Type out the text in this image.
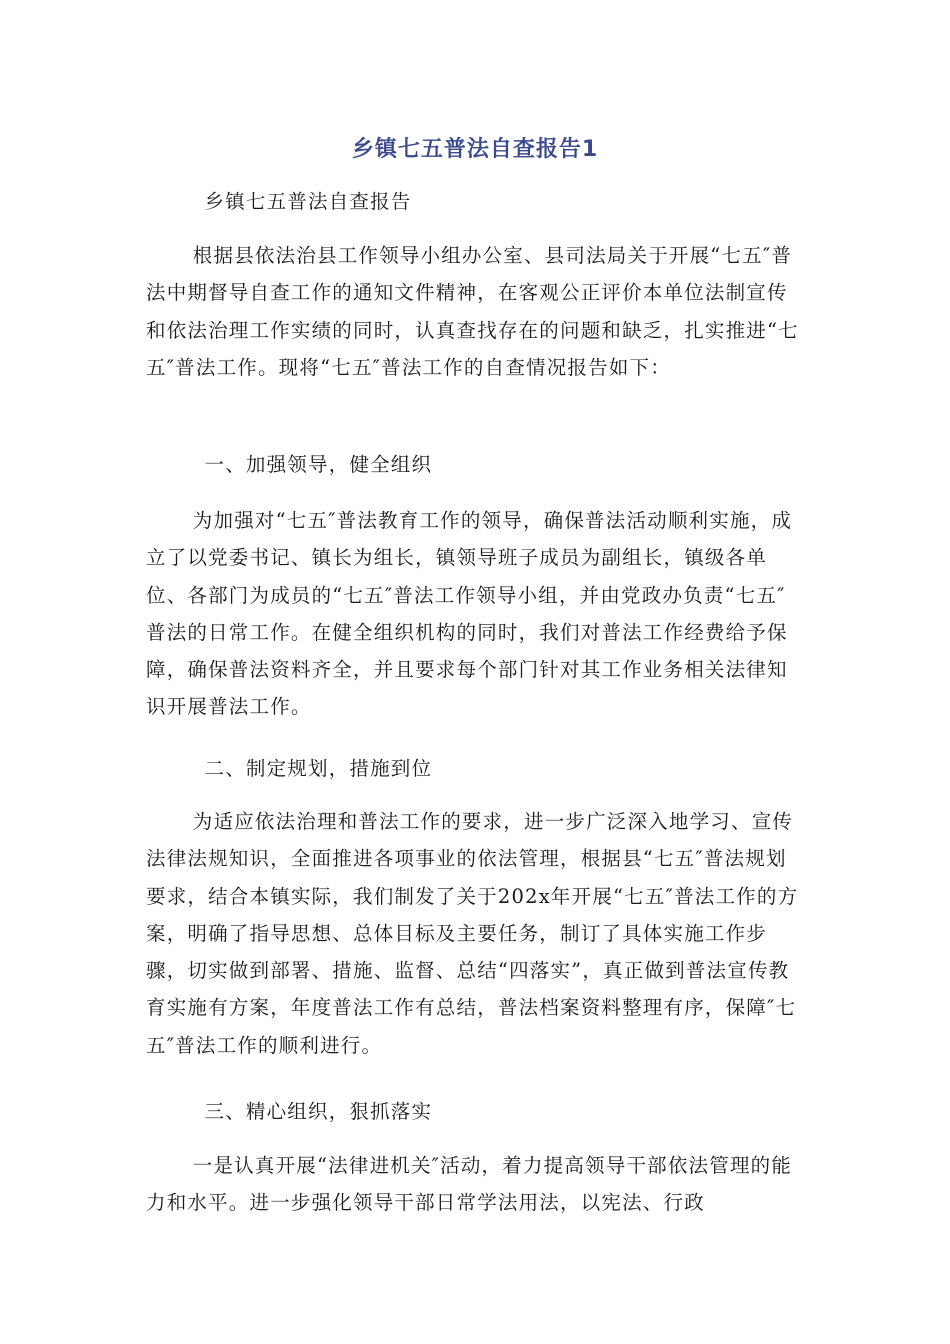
乡镇七五普法自查报告1

乡镇七五普法自查报告

根据县依法治县工作领导小组办公室、县司法局关于开展“七五″普法中期督导自查工作的通知文件精神，在客观公正评价本单位法制宣传和依法治理工作实绩的同时，认真查找存在的问题和缺乏，扎实推进“七五″普法工作。现将“七五″普法工作的自查情况报告如下：

一、加强领导，健全组织

为加强对“七五″普法教育工作的领导，确保普法活动顺利实施，成立了以党委书记、镇长为组长，镇领导班子成员为副组长，镇级各单位、各部门为成员的“七五″普法工作领导小组，并由党政办负责“七五″普法的日常工作。在健全组织机构的同时，我们对普法工作经费给予保障，确保普法资料齐全，并且要求每个部门针对其工作业务相关法律知识开展普法工作。

二、制定规划，措施到位

为适应依法治理和普法工作的要求，进一步广泛深入地学习、宣传法律法规知识，全面推进各项事业的依法管理，根据县“七五″普法规划要求，结合本镇实际，我们制发了关于202x年开展“七五″普法工作的方案，明确了指导思想、总体目标及主要任务，制订了具体实施工作步骤，切实做到部署、措施、监督、总结“四落实”，真正做到普法宣传教育实施有方案，年度普法工作有总结，普法档案资料整理有序，保障″七五″普法工作的顺利进行。

三、精心组织，狠抓落实

一是认真开展“法律进机关″活动，着力提高领导干部依法管理的能力和水平。进一步强化领导干部日常学法用法，以宪法、行政
